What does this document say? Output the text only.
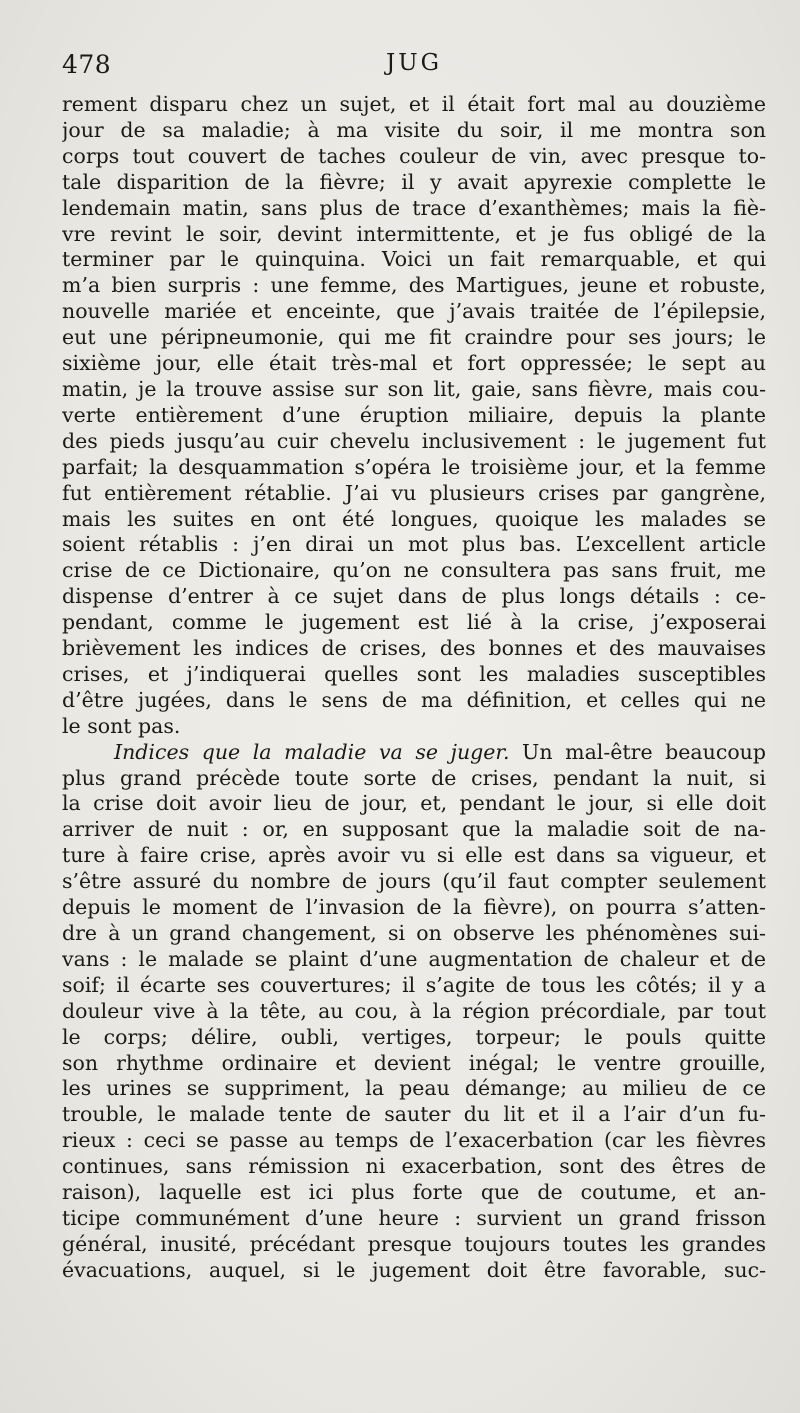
478	JUG
rement disparu chez un sujet, et il était fort mal au douzième
jour de sa maladie; à ma visite du soir, il me montra son
corps tout couvert de taches couleur de vin, avec presque to-
tale disparition de la fièvre; il y avait apyrexie complette le
lendemain matin, sans plus de trace d’exanthèmes; mais la fiè-
vre revint le soir, devint intermittente, et je fus obligé de la
terminer par le quinquina. Voici un fait remarquable, et qui
m’a bien surpris : une femme, des Martigues, jeune et robuste,
nouvelle mariée et enceinte, que j’avais traitée de l’épilepsie,
eut une péripneumonie, qui me fit craindre pour ses jours; le
sixième jour, elle était très-mal et fort oppressée; le sept au
matin, je la trouve assise sur son lit, gaie, sans fièvre, mais cou-
verte entièrement d’une éruption miliaire, depuis la plante
des pieds jusqu’au cuir chevelu inclusivement : le jugement fut
parfait; la desquammation s’opéra le troisième jour, et la femme
fut entièrement rétablie. J’ai vu plusieurs crises par gangrène,
mais les suites en ont été longues, quoique les malades se
soient rétablis : j’en dirai un mot plus bas. L’excellent article
crise de ce Dictionaire, qu’on ne consultera pas sans fruit, me
dispense d’entrer à ce sujet dans de plus longs détails : ce-
pendant, comme le jugement est lié à la crise, j’exposerai
brièvement les indices de crises, des bonnes et des mauvaises
crises, et j’indiquerai quelles sont les maladies susceptibles
d’être jugées, dans le sens de ma définition, et celles qui ne
le sont pas.
Indices que la maladie va se juger. Un mal-être beaucoup
plus grand précède toute sorte de crises, pendant la nuit, si
la crise doit avoir lieu de jour, et, pendant le jour, si elle doit
arriver de nuit : or, en supposant que la maladie soit de na-
ture à faire crise, après avoir vu si elle est dans sa vigueur, et
s’être assuré du nombre de jours (qu’il faut compter seulement
depuis le moment de l’invasion de la fièvre), on pourra s’atten-
dre à un grand changement, si on observe les phénomènes sui-
vans : le malade se plaint d’une augmentation de chaleur et de
soif; il écarte ses couvertures; il s’agite de tous les côtés; il y a
douleur vive à la tête, au cou, à la région précordiale, par tout
le corps; délire, oubli, vertiges, torpeur; le pouls quitte
son rhythme ordinaire et devient inégal; le ventre grouille,
les urines se suppriment, la peau démange; au milieu de ce
trouble, le malade tente de sauter du lit et il a l’air d’un fu-
rieux : ceci se passe au temps de l’exacerbation (car les fièvres
continues, sans rémission ni exacerbation, sont des êtres de
raison), laquelle est ici plus forte que de coutume, et an-
ticipe communément d’une heure : survient un grand frisson
général, inusité, précédant presque toujours toutes les grandes
évacuations, auquel, si le jugement doit être favorable, suc-
